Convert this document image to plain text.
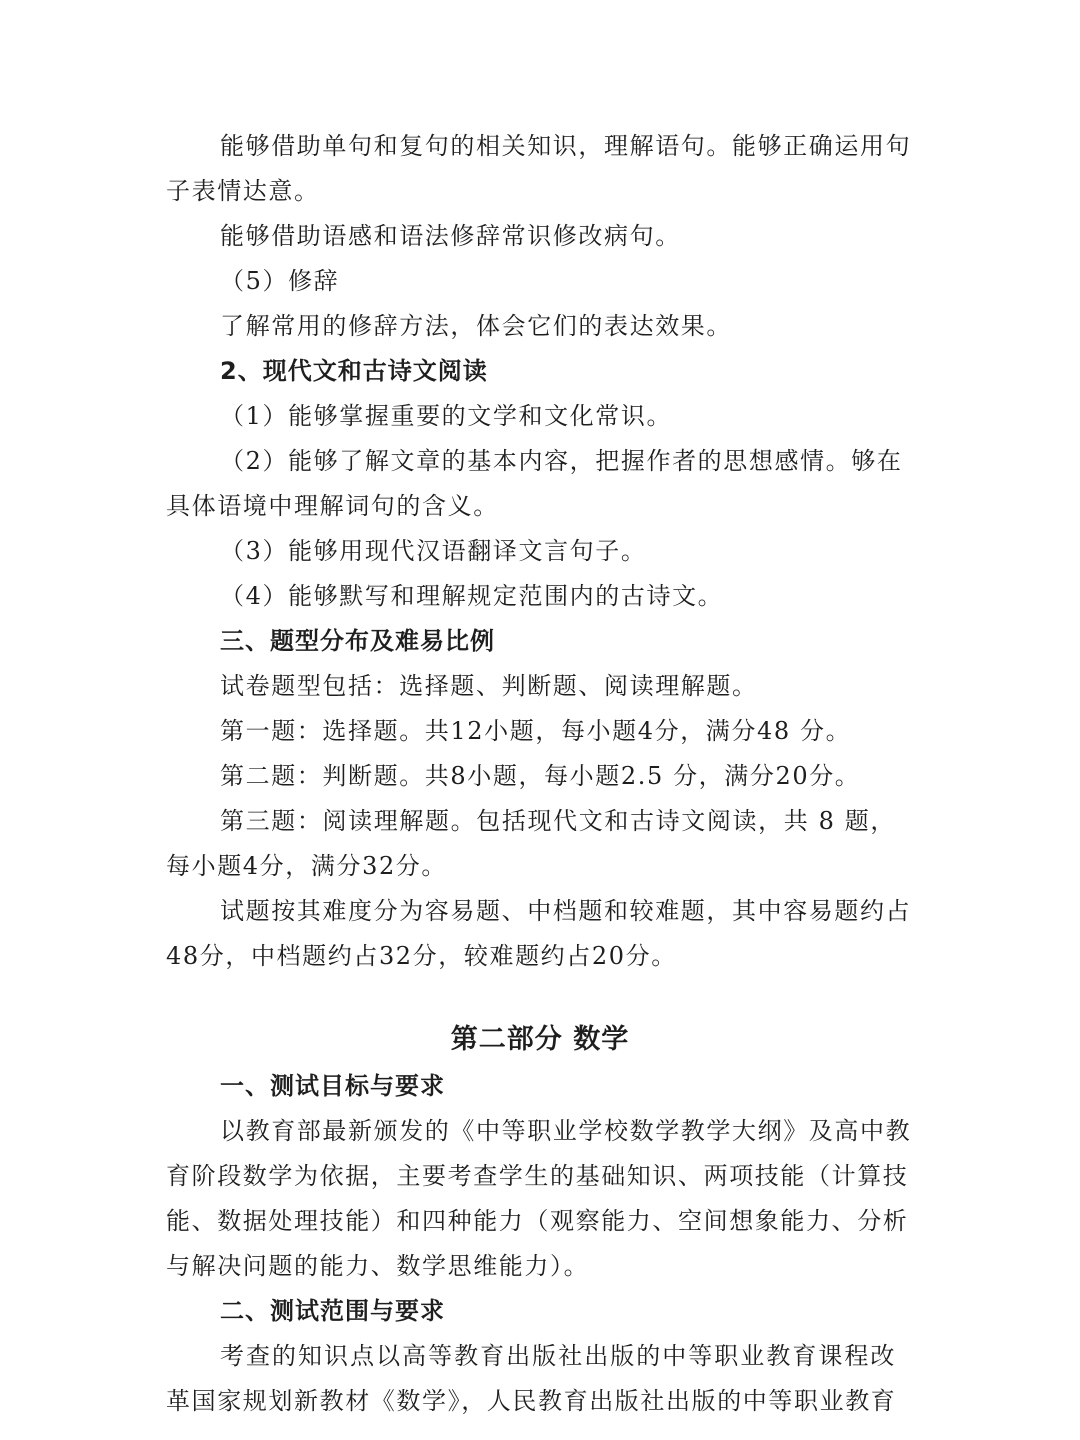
能够借助单句和复句的相关知识，理解语句。能够正确运用句
子表情达意。
能够借助语感和语法修辞常识修改病句。
（5）修辞
了解常用的修辞方法，体会它们的表达效果。
2、现代文和古诗文阅读
（1）能够掌握重要的文学和文化常识。
（2）能够了解文章的基本内容，把握作者的思想感情。够在
具体语境中理解词句的含义。
（3）能够用现代汉语翻译文言句子。
（4）能够默写和理解规定范围内的古诗文。
三、题型分布及难易比例
试卷题型包括：选择题、判断题、阅读理解题。
第一题：选择题。共12小题，每小题4分，满分48 分。
第二题：判断题。共8小题，每小题2.5 分，满分20分。
第三题：阅读理解题。包括现代文和古诗文阅读，共 8 题，
每小题4分，满分32分。
试题按其难度分为容易题、中档题和较难题，其中容易题约占
48分，中档题约占32分，较难题约占20分。
第二部分 数学
一、测试目标与要求
以教育部最新颁发的《中等职业学校数学教学大纲》及高中教
育阶段数学为依据，主要考查学生的基础知识、两项技能（计算技
能、数据处理技能）和四种能力（观察能力、空间想象能力、分析
与解决问题的能力、数学思维能力）。
二、测试范围与要求
考查的知识点以高等教育出版社出版的中等职业教育课程改
革国家规划新教材《数学》，人民教育出版社出版的中等职业教育
